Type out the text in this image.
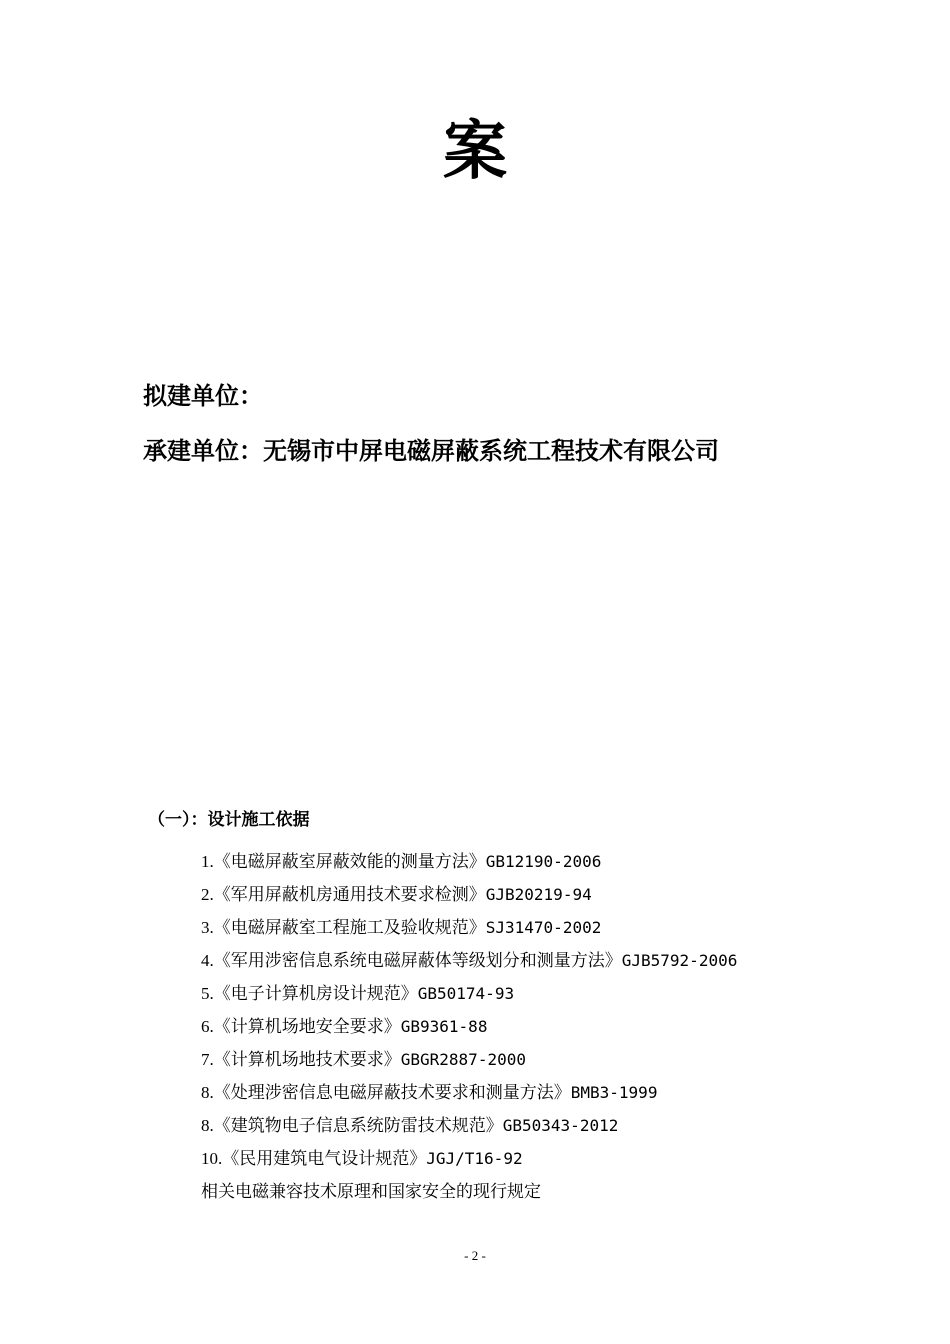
案
拟建单位：
承建单位：无锡市中屏电磁屏蔽系统工程技术有限公司
（一）：设计施工依据
1.《电磁屏蔽室屏蔽效能的测量方法》GB12190-2006
2.《军用屏蔽机房通用技术要求检测》GJB20219-94
3.《电磁屏蔽室工程施工及验收规范》SJ31470-2002
4.《军用涉密信息系统电磁屏蔽体等级划分和测量方法》GJB5792-2006
5.《电子计算机房设计规范》GB50174-93
6.《计算机场地安全要求》GB9361-88
7.《计算机场地技术要求》GBGR2887-2000
8.《处理涉密信息电磁屏蔽技术要求和测量方法》BMB3-1999
8.《建筑物电子信息系统防雷技术规范》GB50343-2012
10.《民用建筑电气设计规范》JGJ/T16-92
相关电磁兼容技术原理和国家安全的现行规定
- 2 -
